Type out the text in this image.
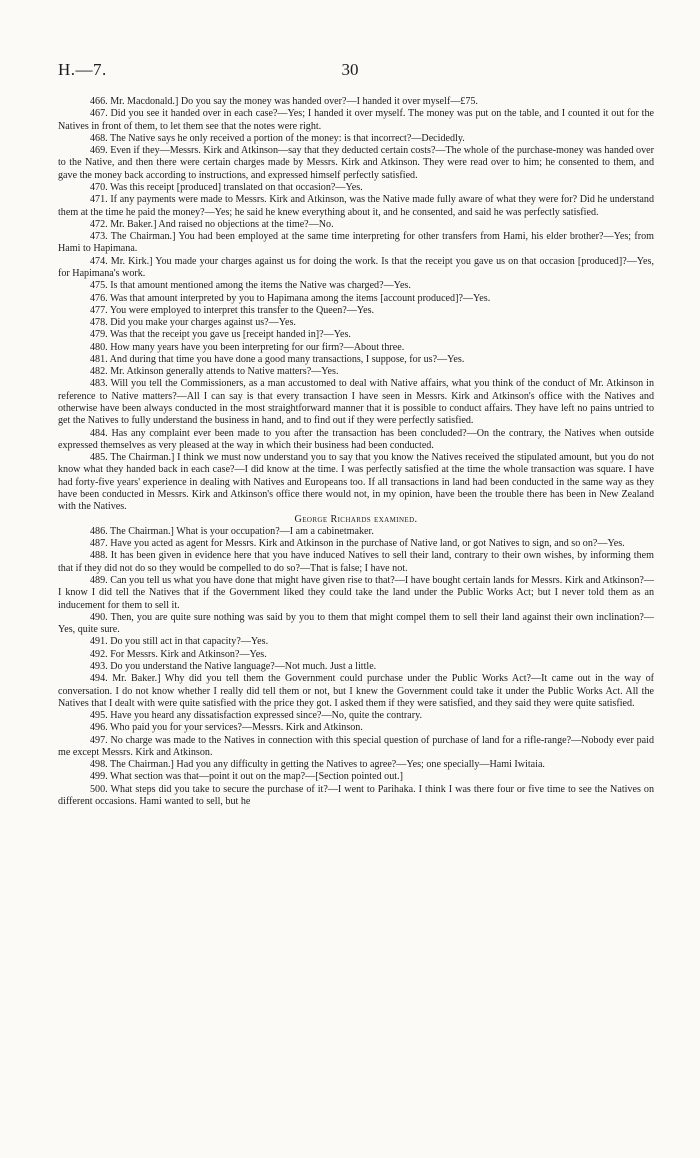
H.—7.	30

466. Mr. Macdonald.] Do you say the money was handed over?—I handed it over myself—£75.

467. Did you see it handed over in each case?—Yes; I handed it over myself. The money was put on the table, and I counted it out for the Natives in front of them, to let them see that the notes were right.

468. The Native says he only received a portion of the money: is that incorrect?—Decidedly.

469. Even if they—Messrs. Kirk and Atkinson—say that they deducted certain costs?—The whole of the purchase-money was handed over to the Native, and then there were certain charges made by Messrs. Kirk and Atkinson. They were read over to him; he consented to them, and gave the money back according to instructions, and expressed himself perfectly satisfied.

470. Was this receipt [produced] translated on that occasion?—Yes.

471. If any payments were made to Messrs. Kirk and Atkinson, was the Native made fully aware of what they were for? Did he understand them at the time he paid the money?—Yes; he said he knew everything about it, and he consented, and said he was perfectly satisfied.

472. Mr. Baker.] And raised no objections at the time?—No.

473. The Chairman.] You had been employed at the same time interpreting for other transfers from Hami, his elder brother?—Yes; from Hami to Hapimana.

474. Mr. Kirk.] You made your charges against us for doing the work. Is that the receipt you gave us on that occasion [produced]?—Yes, for Hapimana's work.

475. Is that amount mentioned among the items the Native was charged?—Yes.

476. Was that amount interpreted by you to Hapimana among the items [account produced]?—Yes.

477. You were employed to interpret this transfer to the Queen?—Yes.

478. Did you make your charges against us?—Yes.

479. Was that the receipt you gave us [receipt handed in]?—Yes.

480. How many years have you been interpreting for our firm?—About three.

481. And during that time you have done a good many transactions, I suppose, for us?—Yes.

482. Mr. Atkinson generally attends to Native matters?—Yes.

483. Will you tell the Commissioners, as a man accustomed to deal with Native affairs, what you think of the conduct of Mr. Atkinson in reference to Native matters?—All I can say is that every transaction I have seen in Messrs. Kirk and Atkinson's office with the Natives and otherwise have been always conducted in the most straightforward manner that it is possible to conduct affairs. They have left no pains untried to get the Natives to fully understand the business in hand, and to find out if they were perfectly satisfied.

484. Has any complaint ever been made to you after the transaction has been concluded?—On the contrary, the Natives when outside expressed themselves as very pleased at the way in which their business had been conducted.

485. The Chairman.] I think we must now understand you to say that you know the Natives received the stipulated amount, but you do not know what they handed back in each case?—I did know at the time. I was perfectly satisfied at the time the whole transaction was square. I have had forty-five years' experience in dealing with Natives and Europeans too. If all transactions in land had been conducted in the same way as they have been conducted in Messrs. Kirk and Atkinson's office there would not, in my opinion, have been the trouble there has been in New Zealand with the Natives.

George Richards examined.

486. The Chairman.] What is your occupation?—I am a cabinetmaker.

487. Have you acted as agent for Messrs. Kirk and Atkinson in the purchase of Native land, or got Natives to sign, and so on?—Yes.

488. It has been given in evidence here that you have induced Natives to sell their land, contrary to their own wishes, by informing them that if they did not do so they would be compelled to do so?—That is false; I have not.

489. Can you tell us what you have done that might have given rise to that?—I have bought certain lands for Messrs. Kirk and Atkinson?—I know I did tell the Natives that if the Government liked they could take the land under the Public Works Act; but I never told them as an inducement for them to sell it.

490. Then, you are quite sure nothing was said by you to them that might compel them to sell their land against their own inclination?—Yes, quite sure.

491. Do you still act in that capacity?—Yes.

492. For Messrs. Kirk and Atkinson?—Yes.

493. Do you understand the Native language?—Not much. Just a little.

494. Mr. Baker.] Why did you tell them the Government could purchase under the Public Works Act?—It came out in the way of conversation. I do not know whether I really did tell them or not, but I knew the Government could take it under the Public Works Act. All the Natives that I dealt with were quite satisfied with the price they got. I asked them if they were satisfied, and they said they were quite satisfied.

495. Have you heard any dissatisfaction expressed since?—No, quite the contrary.

496. Who paid you for your services?—Messrs. Kirk and Atkinson.

497. No charge was made to the Natives in connection with this special question of purchase of land for a rifle-range?—Nobody ever paid me except Messrs. Kirk and Atkinson.

498. The Chairman.] Had you any difficulty in getting the Natives to agree?—Yes; one specially—Hami Iwitaia.

499. What section was that—point it out on the map?—[Section pointed out.]

500. What steps did you take to secure the purchase of it?—I went to Parihaka. I think I was there four or five time to see the Natives on different occasions. Hami wanted to sell, but he
